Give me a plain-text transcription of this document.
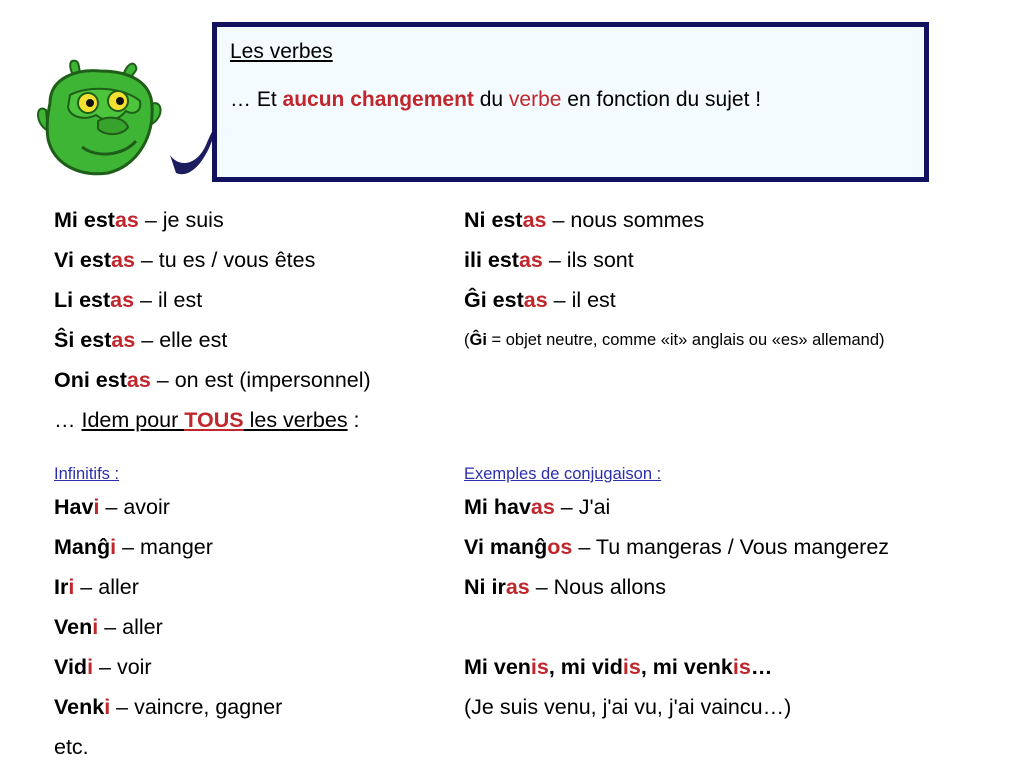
Les verbes
… Et aucun changement du verbe en fonction du sujet !
Mi estas – je suis
Vi estas – tu es / vous êtes
Li estas – il est
Ŝi estas – elle est
Oni estas – on est (impersonnel)
… Idem pour TOUS les verbes :
Ni estas – nous sommes
ili estas – ils sont
Ĝi estas – il est
(Ĝi = objet neutre, comme «it» anglais ou «es» allemand)
Infinitifs :
Havi – avoir
Manĝi – manger
Iri – aller
Veni – aller
Vidi – voir
Venki – vaincre, gagner
etc.
Exemples de conjugaison :
Mi havas – J'ai
Vi manĝos – Tu mangeras / Vous mangerez
Ni iras – Nous allons
Mi venis, mi vidis, mi venkis…
(Je suis venu, j'ai vu, j'ai vaincu…)
